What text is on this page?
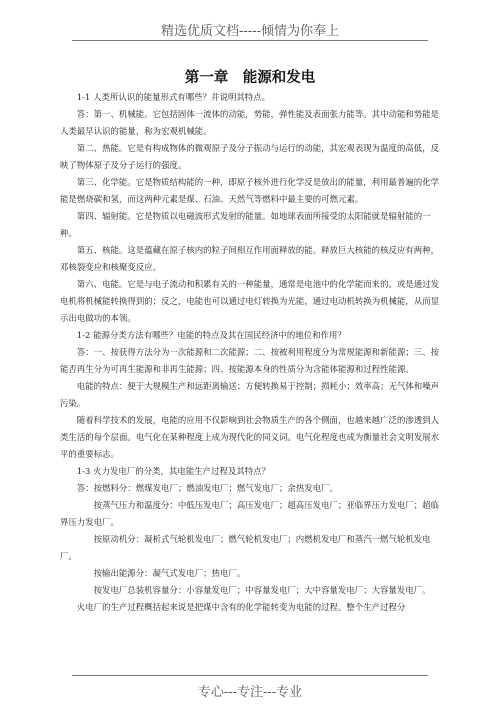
精选优质文档-----倾情为你奉上
第一章　能源和发电

1-1 人类所认识的能量形式有哪些？并说明其特点。

答：第一、机械能。它包括固体一流体的动能，势能，弹性能及表面张力能等。其中动能和势能是人类最早认识的能量，称为宏观机械能。

第二、热能。它是有构成物体的微观原子及分子振动与运行的动能，其宏观表现为温度的高低，反映了物体原子及分子运行的强度。

第三、化学能。它是物质结构能的一种，即原子核外进行化学反是放出的能量，利用最普遍的化学能是燃烧碳和氢，而这两种元素是煤、石油、天然气等燃料中最主要的可燃元素。

第四、辐射能。它是物质以电磁波形式发射的能量。如地球表面所接受的太阳能就是辐射能的一种。

第五、核能。这是蕴藏在原子核内的粒子间相互作用面释放的能。释放巨大核能的核反应有两种，邓核裂变应和核聚变反应。

第六、电能。它是与电子流动和积累有关的一种能量，通常是电池中的化学能而来的。或是通过发电机将机械能转换得到的；反之，电能也可以通过电灯转换为光能，通过电动机转换为机械能，从而显示出电做功的本领。

1-2 能源分类方法有哪些？电能的特点及其在国民经济中的地位和作用？

答：一、按获得方法分为一次能源和二次能源；二、按被利用程度分为常规能源和新能源；三、按能否再生分为可再生能源和非再生能源；四、按能源本身的性质分为含能体能源和过程性能源。

电能的特点：便于大规模生产和远距离输送；方便转换易于控制；损耗小；效率高；无气体和噪声污染。

随着科学技术的发展，电能的应用不仅影响到社会物质生产的各个侧面，也越来越广泛的渗透到人类生活的每个层面。电气化在某种程度上成为现代化的同义词。电气化程度也成为衡量社会文明发展水平的重要标志。

1-3 火力发电厂的分类，其电能生产过程及其特点？

答：按燃料分：燃煤发电厂；燃油发电厂；燃气发电厂；余热发电厂。

按蒸气压力和温度分：中低压发电厂；高压发电厂；超高压发电厂；亚临界压力发电厂；超临界压力发电厂。

按原动机分：凝析式气轮机发电厂；燃气轮机发电厂；内燃机发电厂和蒸汽一燃气轮机发电厂。

按输出能源分：凝气式发电厂；热电厂。

按发电厂总装机容量分：小容量发电厂；中容量发电厂；大中容量发电厂；大容量发电厂。

火电厂的生产过程概括起来说是把煤中含有的化学能转变为电能的过程。整个生产过程分

专心---专注---专业
